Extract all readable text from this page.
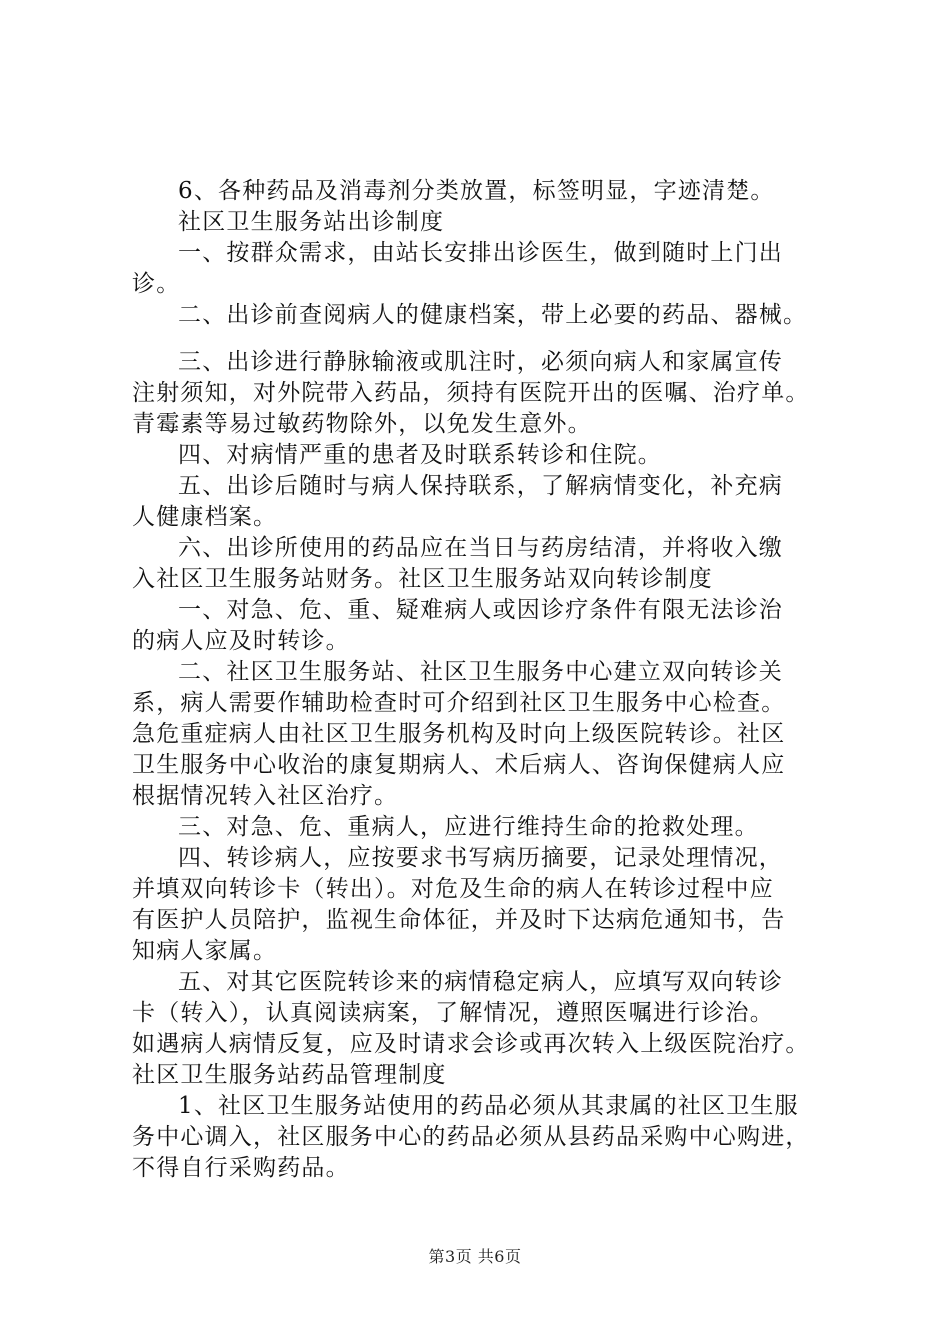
6、各种药品及消毒剂分类放置，标签明显，字迹清楚。
社区卫生服务站出诊制度
一、按群众需求，由站长安排出诊医生，做到随时上门出
诊。
二、出诊前查阅病人的健康档案，带上必要的药品、器械。
三、出诊进行静脉输液或肌注时，必须向病人和家属宣传
注射须知，对外院带入药品，须持有医院开出的医嘱、治疗单。
青霉素等易过敏药物除外，以免发生意外。
四、对病情严重的患者及时联系转诊和住院。
五、出诊后随时与病人保持联系，了解病情变化，补充病
人健康档案。
六、出诊所使用的药品应在当日与药房结清，并将收入缴
入社区卫生服务站财务。社区卫生服务站双向转诊制度
一、对急、危、重、疑难病人或因诊疗条件有限无法诊治
的病人应及时转诊。
二、社区卫生服务站、社区卫生服务中心建立双向转诊关
系，病人需要作辅助检查时可介绍到社区卫生服务中心检查。
急危重症病人由社区卫生服务机构及时向上级医院转诊。社区
卫生服务中心收治的康复期病人、术后病人、咨询保健病人应
根据情况转入社区治疗。
三、对急、危、重病人，应进行维持生命的抢救处理。
四、转诊病人，应按要求书写病历摘要，记录处理情况，
并填双向转诊卡（转出）。对危及生命的病人在转诊过程中应
有医护人员陪护，监视生命体征，并及时下达病危通知书，告
知病人家属。
五、对其它医院转诊来的病情稳定病人，应填写双向转诊
卡（转入），认真阅读病案，了解情况，遵照医嘱进行诊治。
如遇病人病情反复，应及时请求会诊或再次转入上级医院治疗。
社区卫生服务站药品管理制度
1、社区卫生服务站使用的药品必须从其隶属的社区卫生服
务中心调入，社区服务中心的药品必须从县药品采购中心购进，
不得自行采购药品。
第3页 共6页
